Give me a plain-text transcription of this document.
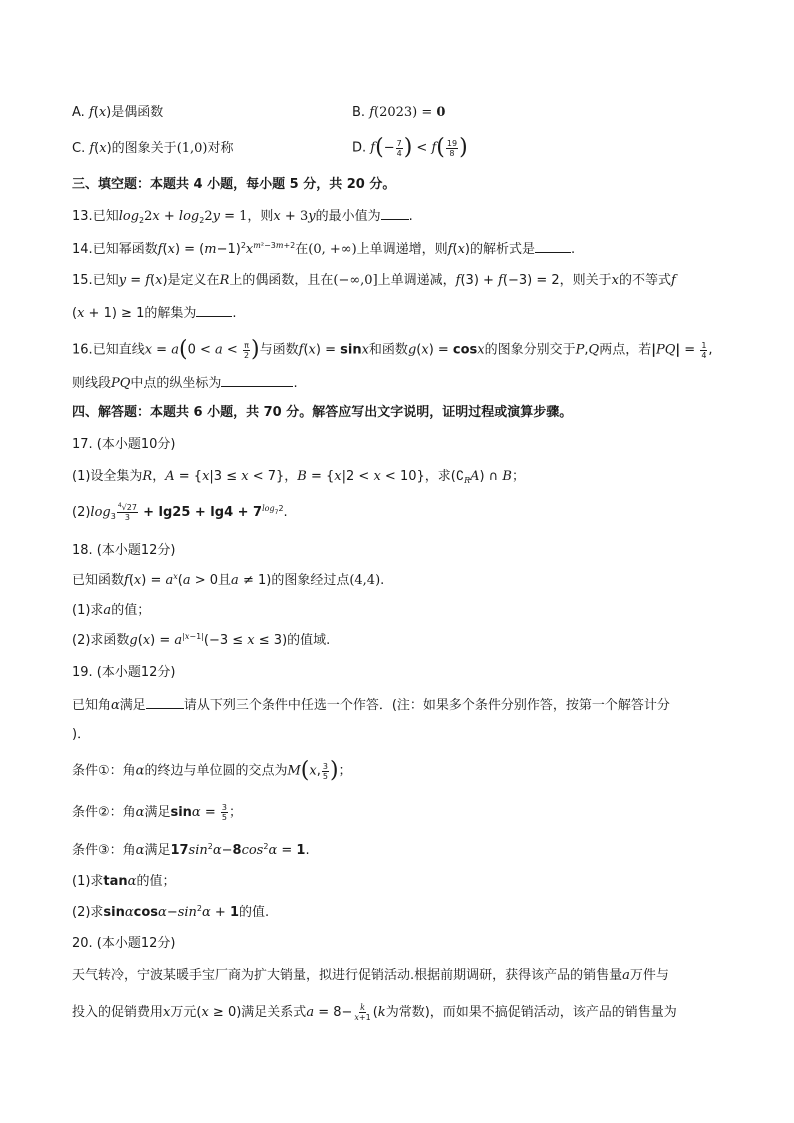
A. f(x)是偶函数	B. f(2023) = 0
C. f(x)的图象关于(1,0)对称	D. $f(- \frac{7}{4}$ ) < $f( \frac{19}{8}$ )
三、填空题：本题共 4 小题，每小题 5 分，共 20 分。
13.已知$\log_22x + \log_22y = 1$，则x + 3y的最小值为 .
14.已知幂函数$f(x) = (m-1)^2x^{m^2-3m+2}$在(0, +∞)上单调递增，则f(x)的解析式是	.
15.已知y = f(x)是定义在R上的偶函数，且在(−∞,0]上单调递减，f(3) + f(−3) = 2，则关于x的不等式f
(x + 1) ≥ 1的解集为	.
16.已知直线$x = a(0 < a < \frac{\pi}{2}$ )与函数f(x) = sinx和函数g(x) = cosx的图象分别交于P,Q两点，若$|PQ| = \frac{1}{4}$ ,
则线段PQ中点的纵坐标为	.
四、解答题：本题共 6 小题，共 70 分。解答应写出文字说明，证明过程或演算步骤。
17. (本小题10分)
(1)设全集为R，A = {x|3 ≤ x < 7}，B = {x|2 < x < 10}，求$(∁_RA)$ ∩ B；
$(2)\log_3 \frac{^4√27}{3} + \lg 25 + \lg 4 + 7^{log_72}$.
18. (本小题12分)
已知函数$f(x) = a^x(a > 0$且a ≠ 1)的图象经过点(4,4).
(1)求a的值；
(2)求函数$g(x) = a^{|x-1|}(-3 \le x \le 3)$的值域.
19. (本小题12分)
已知角α满足	请从下列三个条件中任选一个作答．(注：如果多个条件分别作答，按第一个解答计分
)．
条件①：角α的终边与单位圆的交点为M(x, $\frac{3}{5}$ )；
条件②：角α满足$\sin\alpha = \frac{3}{5}$ ；
条件③：角α满足$17\sin^2\alpha-8\cos^2\alpha = 1$.
(1)求tanα的值；
(2)求$\sin\alpha\cos\alpha-\sin^2\alpha + 1$的值.
20. (本小题12分)
天气转冷，宁波某暖手宝厂商为扩大销量，拟进行促销活动.根据前期调研，获得该产品的销售量a万件与
投入的促销费用x万元(x ≥ 0)满足关系式$a = 8- \frac{k}{x+1} (k$为常数)，而如果不搞促销活动，该产品的销售量为
